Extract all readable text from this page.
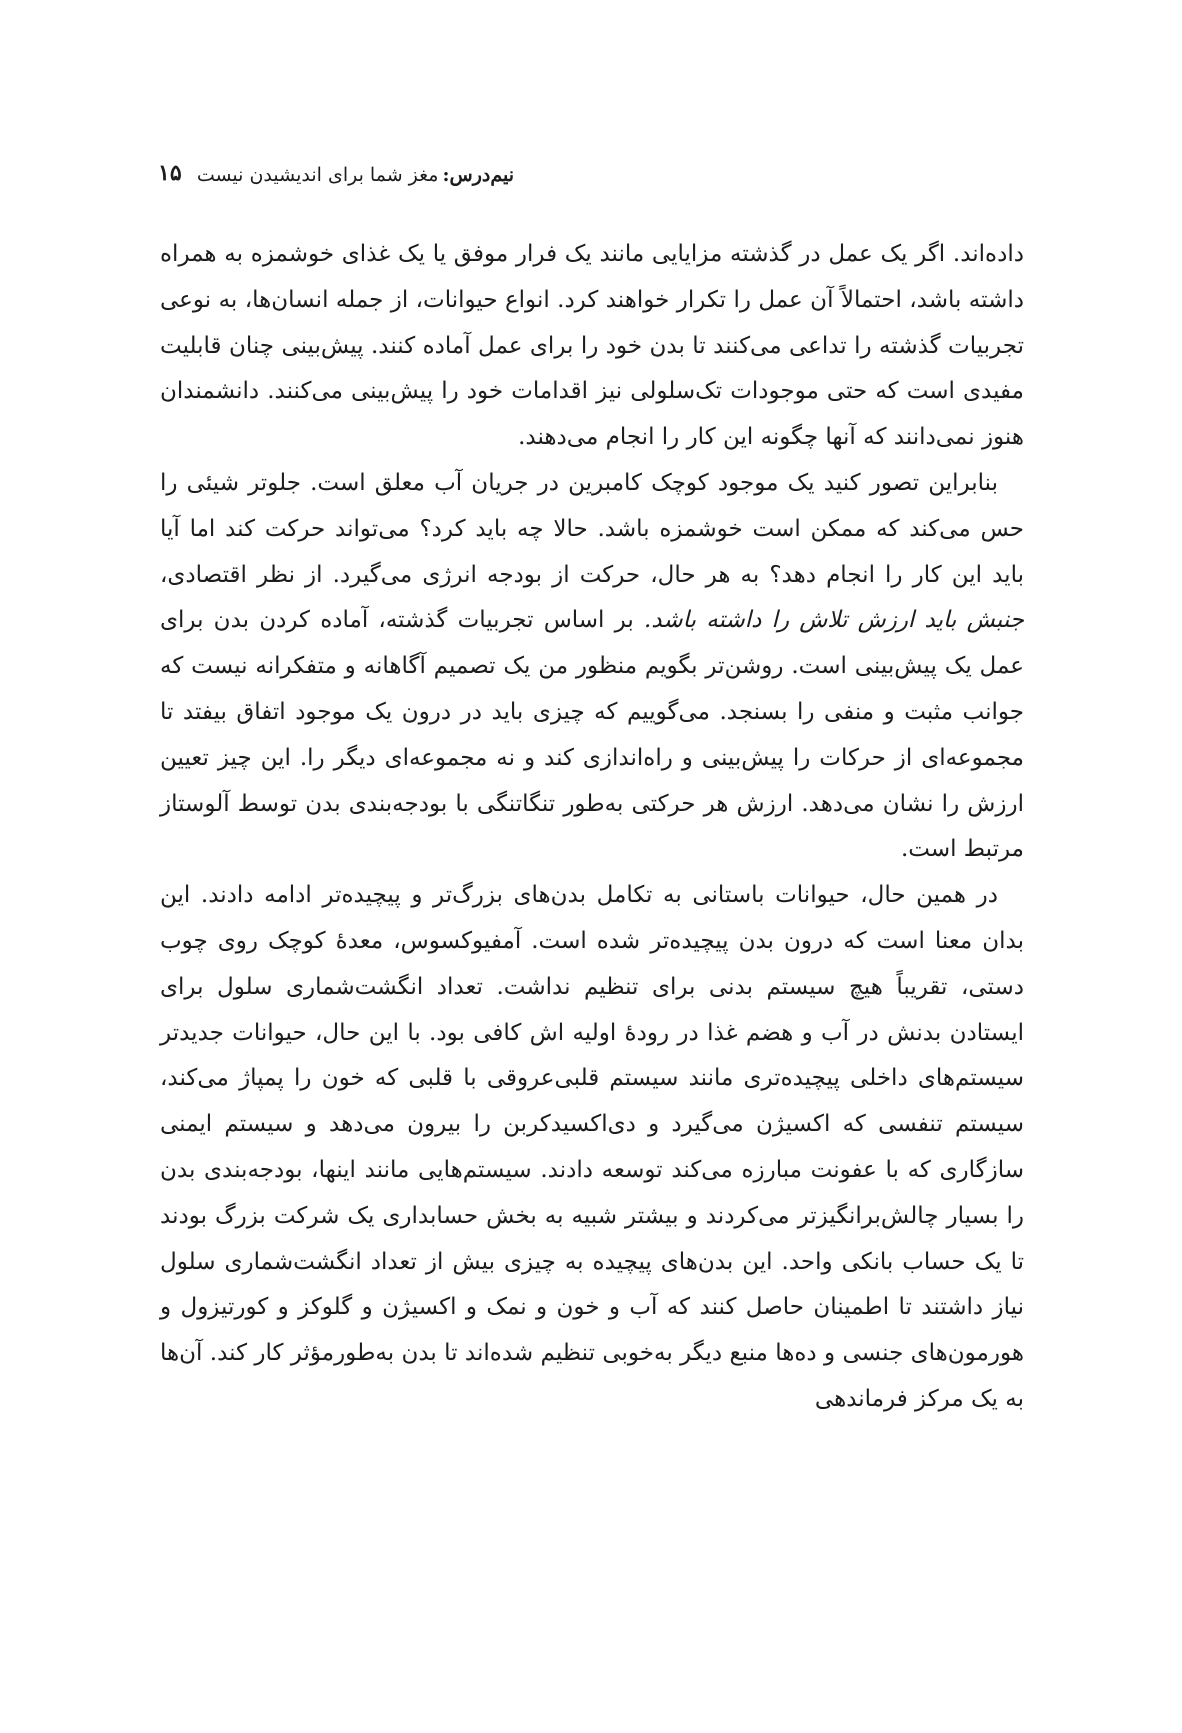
نیم‌درس:
مغز شما برای اندیشیدن نیست
۱۵

داده‌اند. اگر یک عمل در گذشته مزایایی مانند یک فرار موفق یا یک غذای خوشمزه به همراه داشته باشد، احتمالاً آن عمل را تکرار خواهند کرد. انواع حیوانات، از جمله انسان‌ها، به نوعی تجربیات گذشته را تداعی می‌کنند تا بدن خود را برای عمل آماده کنند. پیش‌بینی چنان قابلیت مفیدی است که حتی موجودات تک‌سلولی نیز اقدامات خود را پیش‌بینی می‌کنند. دانشمندان هنوز نمی‌دانند که آنها چگونه این کار را انجام می‌دهند.

بنابراین تصور کنید یک موجود کوچک کامبرین در جریان آب معلق است. جلوتر شیئی را حس می‌کند که ممکن است خوشمزه باشد. حالا چه باید کرد؟ می‌تواند حرکت کند اما آیا باید این کار را انجام دهد؟ به هر حال، حرکت از بودجه انرژی می‌گیرد. از نظر اقتصادی، جنبش باید ارزش تلاش را داشته باشد. بر اساس تجربیات گذشته، آماده کردن بدن برای عمل یک پیش‌بینی است. روشن‌تر بگویم منظور من یک تصمیم آگاهانه و متفکرانه نیست که جوانب مثبت و منفی را بسنجد. می‌گوییم که چیزی باید در درون یک موجود اتفاق بیفتد تا مجموعه‌ای از حرکات را پیش‌بینی و راه‌اندازی کند و نه مجموعه‌ای دیگر را. این چیز تعیین ارزش را نشان می‌دهد. ارزش هر حرکتی به‌طور تنگاتنگی با بودجه‌بندی بدن توسط آلوستاز مرتبط است.

در همین حال، حیوانات باستانی به تکامل بدن‌های بزرگ‌تر و پیچیده‌تر ادامه دادند. این بدان معنا است که درون بدن پیچیده‌تر شده است. آمفیوکسوس، معدهٔ کوچک روی چوب دستی، تقریباً هیچ سیستم بدنی برای تنظیم نداشت. تعداد انگشت‌شماری سلول برای ایستادن بدنش در آب و هضم غذا در رودهٔ اولیه اش کافی بود. با این حال، حیوانات جدیدتر سیستم‌های داخلی پیچیده‌تری مانند سیستم قلبی‌عروقی با قلبی که خون را پمپاژ می‌کند، سیستم تنفسی که اکسیژن می‌گیرد و دی‌اکسیدکربن را بیرون می‌دهد و سیستم ایمنی سازگاری که با عفونت مبارزه می‌کند توسعه دادند. سیستم‌هایی مانند اینها، بودجه‌بندی بدن را بسیار چالش‌برانگیزتر می‌کردند و بیشتر شبیه به بخش حسابداری یک شرکت بزرگ بودند تا یک حساب بانکی واحد. این بدن‌های پیچیده به چیزی بیش از تعداد انگشت‌شماری سلول نیاز داشتند تا اطمینان حاصل کنند که آب و خون و نمک و اکسیژن و گلوکز و کورتیزول و هورمون‌های جنسی و ده‌ها منبع دیگر به‌خوبی تنظیم شده‌اند تا بدن به‌طورمؤثر کار کند. آن‌ها به یک مرکز فرماندهی
